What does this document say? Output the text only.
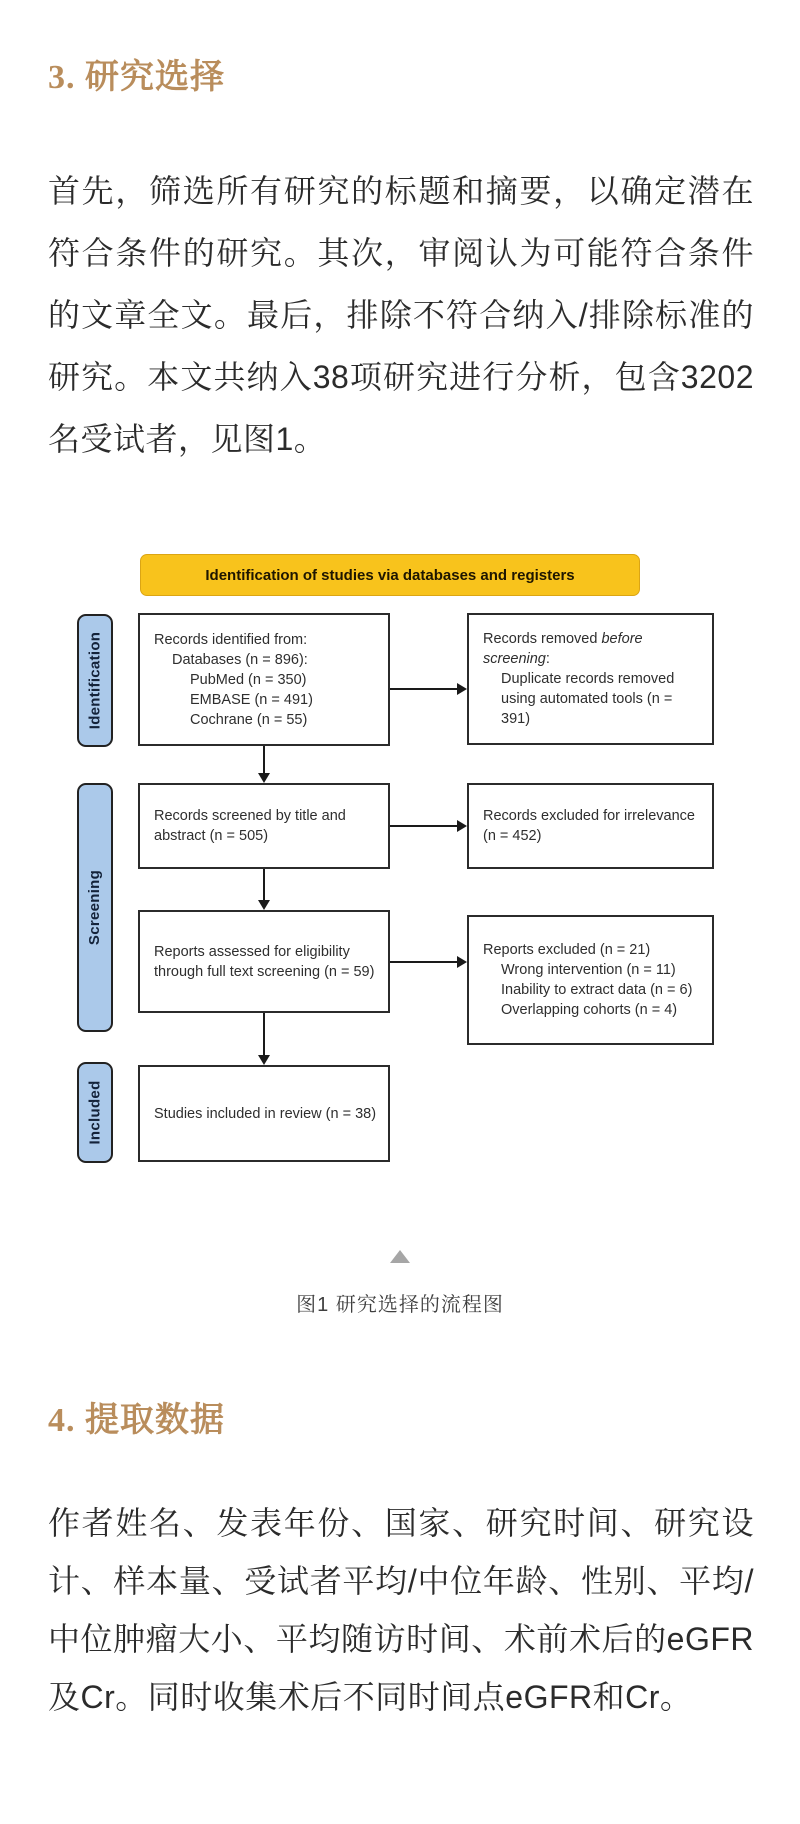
3. 研究选择

首先，筛选所有研究的标题和摘要，以确定潜在符合条件的研究。其次，审阅认为可能符合条件的文章全文。最后，排除不符合纳入/排除标准的研究。本文共纳入38项研究进行分析，包含3202名受试者，见图1。

Identification of studies via databases and registers
Identification
Screening
Included
Records identified from:
Databases (n = 896):
PubMed (n = 350)
EMBASE (n = 491)
Cochrane (n = 55)
Records removed before screening:
Duplicate records removed using automated tools (n = 391)
Records screened by title and abstract (n = 505)
Records excluded for irrelevance (n = 452)
Reports assessed for eligibility through full text screening (n = 59)
Reports excluded (n = 21)
Wrong intervention (n = 11)
Inability to extract data (n = 6)
Overlapping cohorts (n = 4)
Studies included in review (n = 38)
图1 研究选择的流程图
4. 提取数据

作者姓名、发表年份、国家、研究时间、研究设计、样本量、受试者平均/中位年龄、性别、平均/中位肿瘤大小、平均随访时间、术前术后的eGFR及Cr。同时收集术后不同时间点eGFR和Cr。
